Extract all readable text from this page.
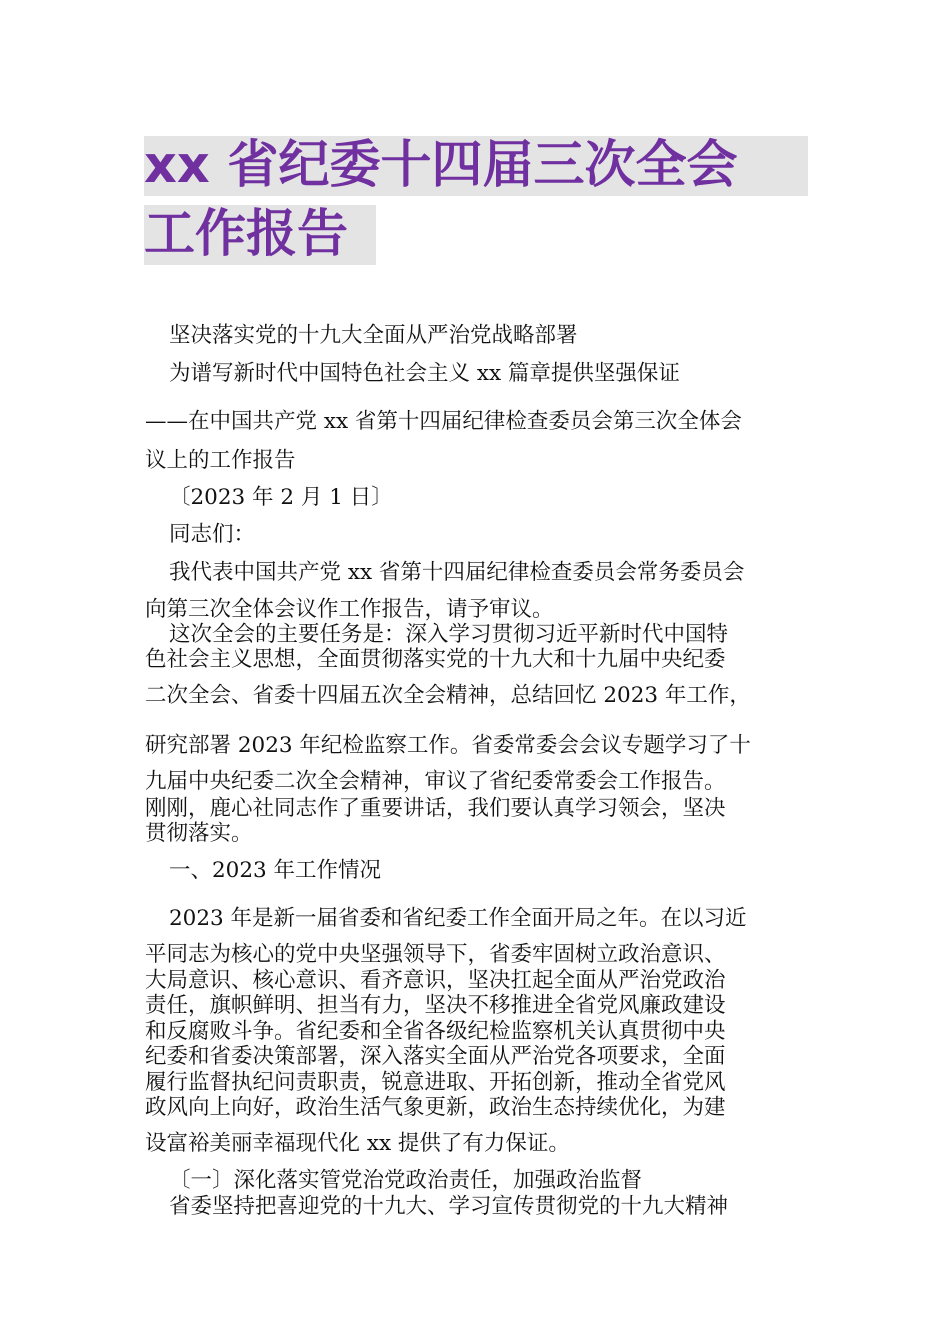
xx 省纪委十四届三次全会
工作报告
坚决落实党的十九大全面从严治党战略部署
为谱写新时代中国特色社会主义 xx 篇章提供坚强保证
——在中国共产党 xx 省第十四届纪律检查委员会第三次全体会
议上的工作报告
〔2023 年 2 月 1 日〕
同志们：
我代表中国共产党 xx 省第十四届纪律检查委员会常务委员会
向第三次全体会议作工作报告，请予审议。
这次全会的主要任务是：深入学习贯彻习近平新时代中国特
色社会主义思想，全面贯彻落实党的十九大和十九届中央纪委
二次全会、省委十四届五次全会精神，总结回忆 2023 年工作，
研究部署 2023 年纪检监察工作。省委常委会会议专题学习了十
九届中央纪委二次全会精神，审议了省纪委常委会工作报告。
刚刚，鹿心社同志作了重要讲话，我们要认真学习领会，坚决
贯彻落实。
一、2023 年工作情况
2023 年是新一届省委和省纪委工作全面开局之年。在以习近
平同志为核心的党中央坚强领导下，省委牢固树立政治意识、
大局意识、核心意识、看齐意识，坚决扛起全面从严治党政治
责任，旗帜鲜明、担当有力，坚决不移推进全省党风廉政建设
和反腐败斗争。省纪委和全省各级纪检监察机关认真贯彻中央
纪委和省委决策部署，深入落实全面从严治党各项要求，全面
履行监督执纪问责职责，锐意进取、开拓创新，推动全省党风
政风向上向好，政治生活气象更新，政治生态持续优化，为建
设富裕美丽幸福现代化 xx 提供了有力保证。
〔一〕深化落实管党治党政治责任，加强政治监督
省委坚持把喜迎党的十九大、学习宣传贯彻党的十九大精神
